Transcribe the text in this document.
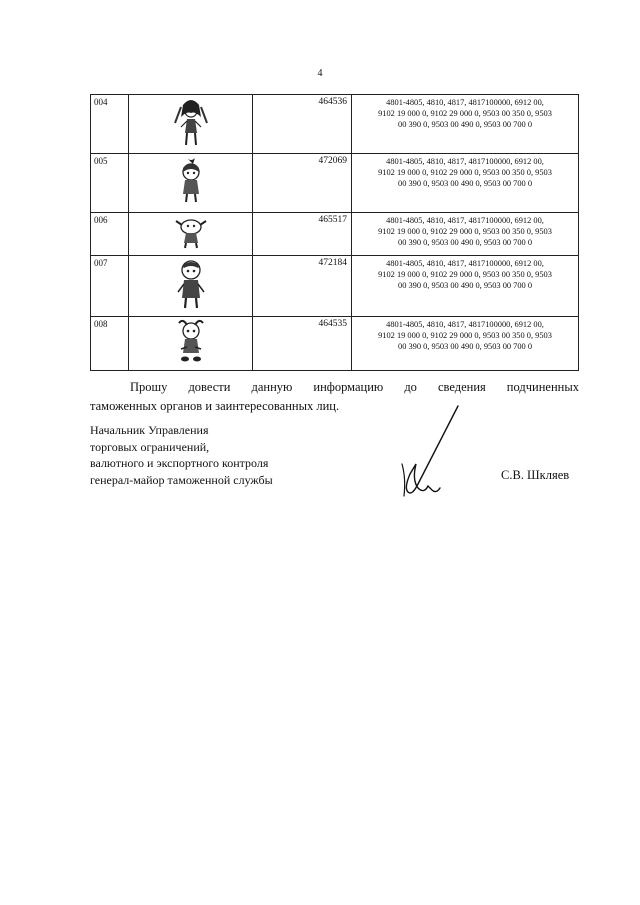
4
004		464536	4801-4805, 4810, 4817, 4817100000, 6912 00,
9102 19 000 0, 9102 29 000 0, 9503 00 350 0, 9503
00 390 0, 9503 00 490 0, 9503 00 700 0

005		472069	4801-4805, 4810, 4817, 4817100000, 6912 00,
9102 19 000 0, 9102 29 000 0, 9503 00 350 0, 9503
00 390 0, 9503 00 490 0, 9503 00 700 0

006		465517	4801-4805, 4810, 4817, 4817100000, 6912 00,
9102 19 000 0, 9102 29 000 0, 9503 00 350 0, 9503
00 390 0, 9503 00 490 0, 9503 00 700 0

007		472184	4801-4805, 4810, 4817, 4817100000, 6912 00,
9102 19 000 0, 9102 29 000 0, 9503 00 350 0, 9503
00 390 0, 9503 00 490 0, 9503 00 700 0

008		464535	4801-4805, 4810, 4817, 4817100000, 6912 00,
9102 19 000 0, 9102 29 000 0, 9503 00 350 0, 9503
00 390 0, 9503 00 490 0, 9503 00 700 0
Прошу довести данную информацию до сведения подчиненных
таможенных органов и заинтересованных лиц.
Начальник Управления
торговых ограничений,
валютного и экспортного контроля
генерал-майор таможенной службы	С.В. Шкляев
